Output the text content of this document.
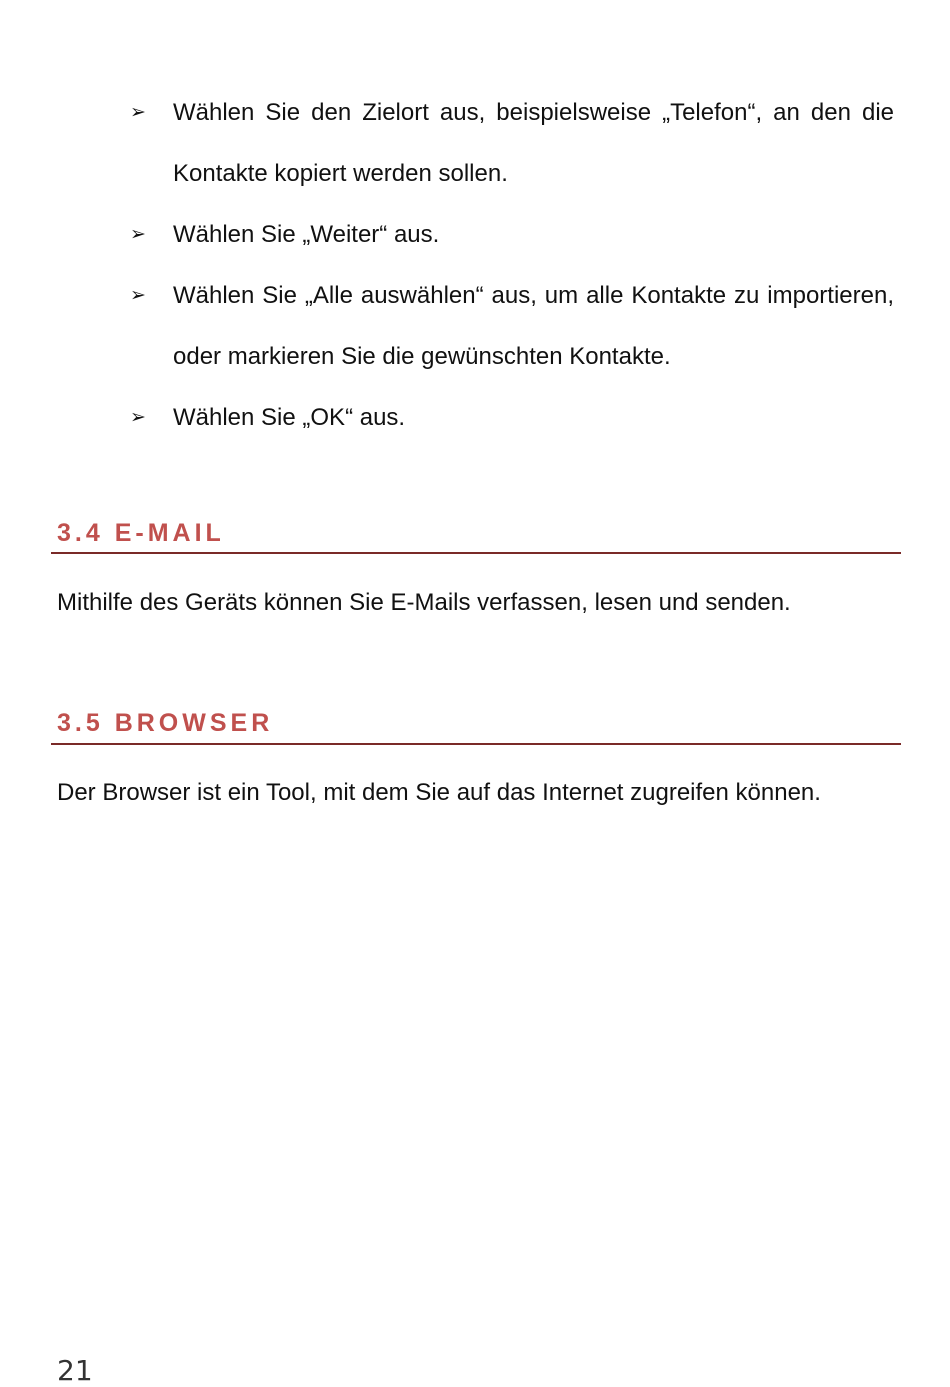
➢ Wählen Sie den Zielort aus, beispielsweise „Telefon“, an den die Kontakte kopiert werden sollen.
➢ Wählen Sie „Weiter“ aus.
➢ Wählen Sie „Alle auswählen“ aus, um alle Kontakte zu importieren, oder markieren Sie die gewünschten Kontakte.
➢ Wählen Sie „OK“ aus.
3.4 E-MAIL
Mithilfe des Geräts können Sie E-Mails verfassen, lesen und senden.
3.5 BROWSER
Der Browser ist ein Tool, mit dem Sie auf das Internet zugreifen können.
21
